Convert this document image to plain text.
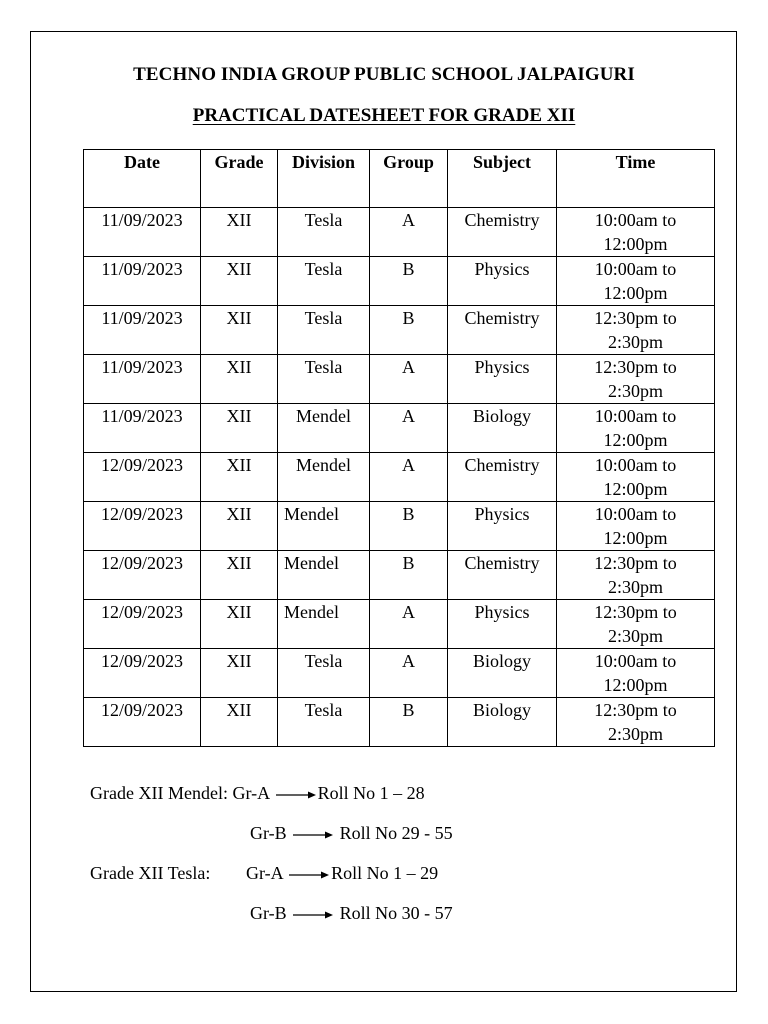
TECHNO INDIA GROUP PUBLIC SCHOOL JALPAIGURI
PRACTICAL DATESHEET FOR GRADE XII
Date	Grade	Division	Group	Subject	Time
11/09/2023	XII	Tesla	A	Chemistry	10:00am to
12:00pm

11/09/2023	XII	Tesla	B	Physics	10:00am to
12:00pm

11/09/2023	XII	Tesla	B	Chemistry	12:30pm to
2:30pm

11/09/2023	XII	Tesla	A	Physics	12:30pm to
2:30pm

11/09/2023	XII	Mendel	A	Biology	10:00am to
12:00pm

12/09/2023	XII	Mendel	A	Chemistry	10:00am to
12:00pm

12/09/2023	XII	Mendel	B	Physics	10:00am to
12:00pm

12/09/2023	XII	Mendel	B	Chemistry	12:30pm to
2:30pm

12/09/2023	XII	Mendel	A	Physics	12:30pm to
2:30pm

12/09/2023	XII	Tesla	A	Biology	10:00am to
12:00pm

12/09/2023	XII	Tesla	B	Biology	12:30pm to
2:30pm
Grade XII Mendel: Gr-A	Roll No 1 – 28
Gr-B	Roll No 29 - 55
Grade XII Tesla: Gr-A	Roll No 1 – 29
Gr-B	Roll No 30 - 57
